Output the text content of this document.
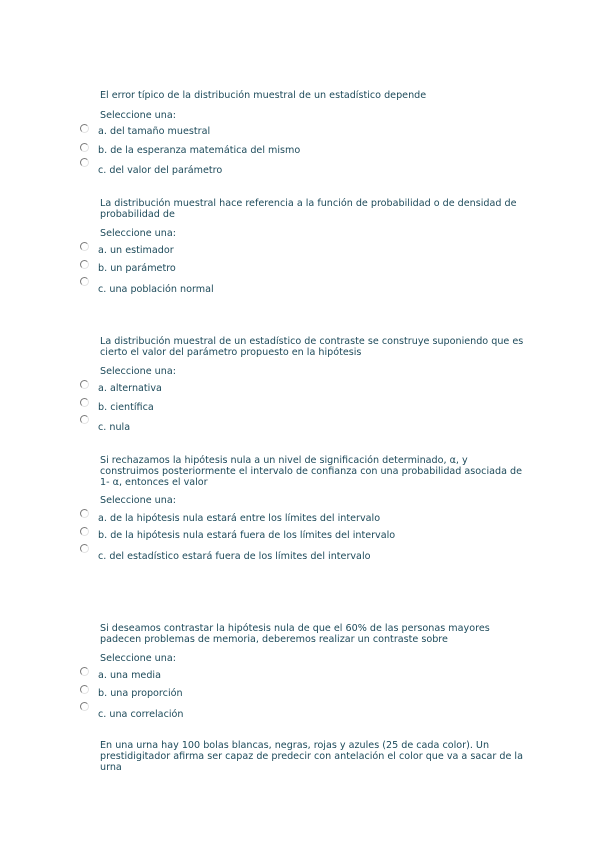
El error típico de la distribución muestral de un estadístico depende
Seleccione una:
a. del tamaño muestral
b. de la esperanza matemática del mismo
c. del valor del parámetro
La distribución muestral hace referencia a la función de probabilidad o de densidad de probabilidad de
Seleccione una:
a. un estimador
b. un parámetro
c. una población normal
La distribución muestral de un estadístico de contraste se construye suponiendo que es cierto el valor del parámetro propuesto en la hipótesis
Seleccione una:
a. alternativa
b. científica
c. nula
Si rechazamos la hipótesis nula a un nivel de significación determinado, α, y construimos posteriormente el intervalo de confianza con una probabilidad asociada de 1- α, entonces el valor
Seleccione una:
a. de la hipótesis nula estará entre los límites del intervalo
b. de la hipótesis nula estará fuera de los límites del intervalo
c. del estadístico estará fuera de los límites del intervalo
Si deseamos contrastar la hipótesis nula de que el 60% de las personas mayores padecen problemas de memoria, deberemos realizar un contraste sobre
Seleccione una:
a. una media
b. una proporción
c. una correlación
En una urna hay 100 bolas blancas, negras, rojas y azules (25 de cada color). Un prestidigitador afirma ser capaz de predecir con antelación el color que va a sacar de la urna
